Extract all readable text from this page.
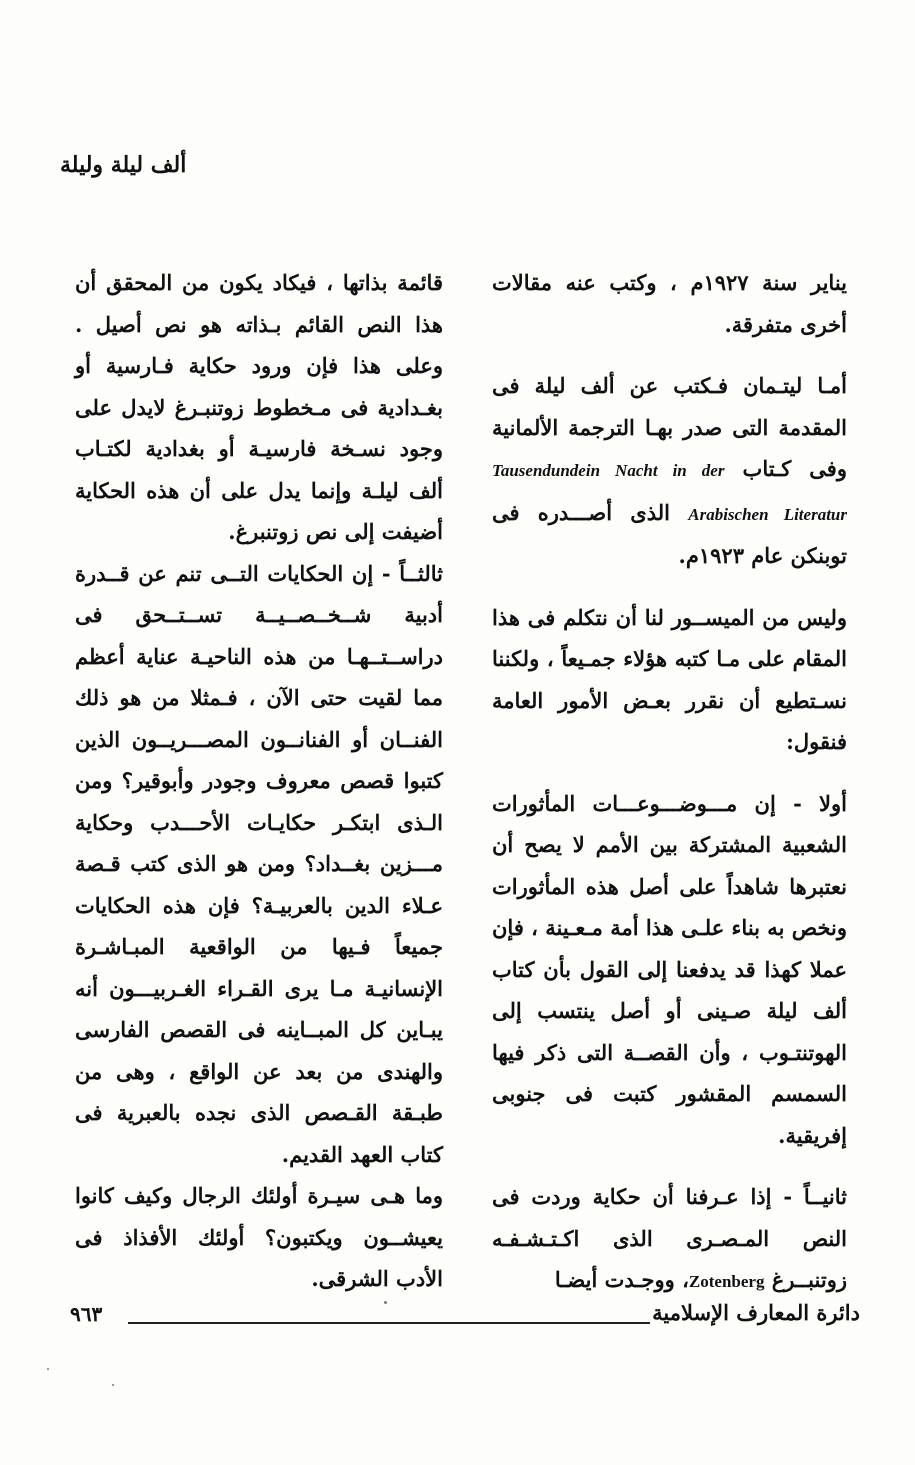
ألف ليلة وليلة

يناير سنة ١٩٢٧م ، وكتب عنه مقالات أخرى متفرقة.

أمـا ليتـمان فـكتب عن ألف ليلة فى المقدمة التى صدر بهـا الترجمة الألمانية وفى كـتاب Tausendundein Nacht in der Arabischen Literatur الذى أصـــدره فى توبنكن عام ١٩٢٣م.

وليس من الميســور لنا أن نتكلم فى هذا المقام على مـا كتبه هؤلاء جمـيعاً ، ولكننا نسـتطيع أن نقرر بعـض الأمور العامة فنقول:

أولا - إن مـــوضـــوعـــات المأثورات الشعبية المشتركة بين الأمم لا يصح أن نعتبرها شاهداً على أصل هذه المأثورات ونخص به بناء علـى هذا أمة مـعـينة ، فإن عملا كهذا قد يدفعنا إلى القول بأن كتاب ألف ليلة صـينى أو أصل ينتسب إلى الهوتنتـوب ، وأن القصــة التى ذكر فيها السمسم المقشور كتبت فى جنوبى إفريقية.

ثانيــاً - إذا عـرفنا أن حكاية وردت فى النص المـصـرى الذى اكـتـشـفـه زوتنبــرغ Zotenberg، ووجـدت أيضـا

قائمة بذاتها ، فيكاد يكون من المحقق أن هذا النص القائم بـذاته هو نص أصيل . وعلى هذا فإن ورود حكاية فـارسية أو بغـدادية فى مـخطوط زوتنبـرغ لايدل على وجود نسـخة فارسيـة أو بغدادية لكتـاب ألف ليلـة وإنما يدل على أن هذه الحكاية أضيفت إلى نص زوتنبرغ.

ثالثــاً - إن الحكايات التــى تنم عن قــدرة أدبية شــخــصــيــة تســتــحق فى دراســتــهـا من هذه الناحيـة عناية أعظم مما لقيت حتى الآن ، فـمثلا من هو ذلك الفنــان أو الفنانــون المصـــريــون الذين كتبوا قصص معروف وجودر وأبوقير؟ ومن الـذى ابتكـر حكايـات الأحـــدب وحكاية مـــزين بغــداد؟ ومن هو الذى كتب قـصة عـلاء الدين بالعربيـة؟ فإن هذه الحكايات جميعاً فـيها من الواقعية المبـاشـرة الإنسانيـة مـا يرى القـراء الغـربيـــون أنه يبـاين كل المبــاينه فى القصص الفارسى والهندى من بعد عن الواقع ، وهى من طبـقة القـصص الذى نجده بالعبرية فى كتاب العهد القديم.

وما هـى سيـرة أولئك الرجال وكيف كانوا يعيشــون ويكتبون؟ أولئك الأفذاذ فى الأدب الشرقى.

دائرة المعارف الإسلامية
٩٦٣
